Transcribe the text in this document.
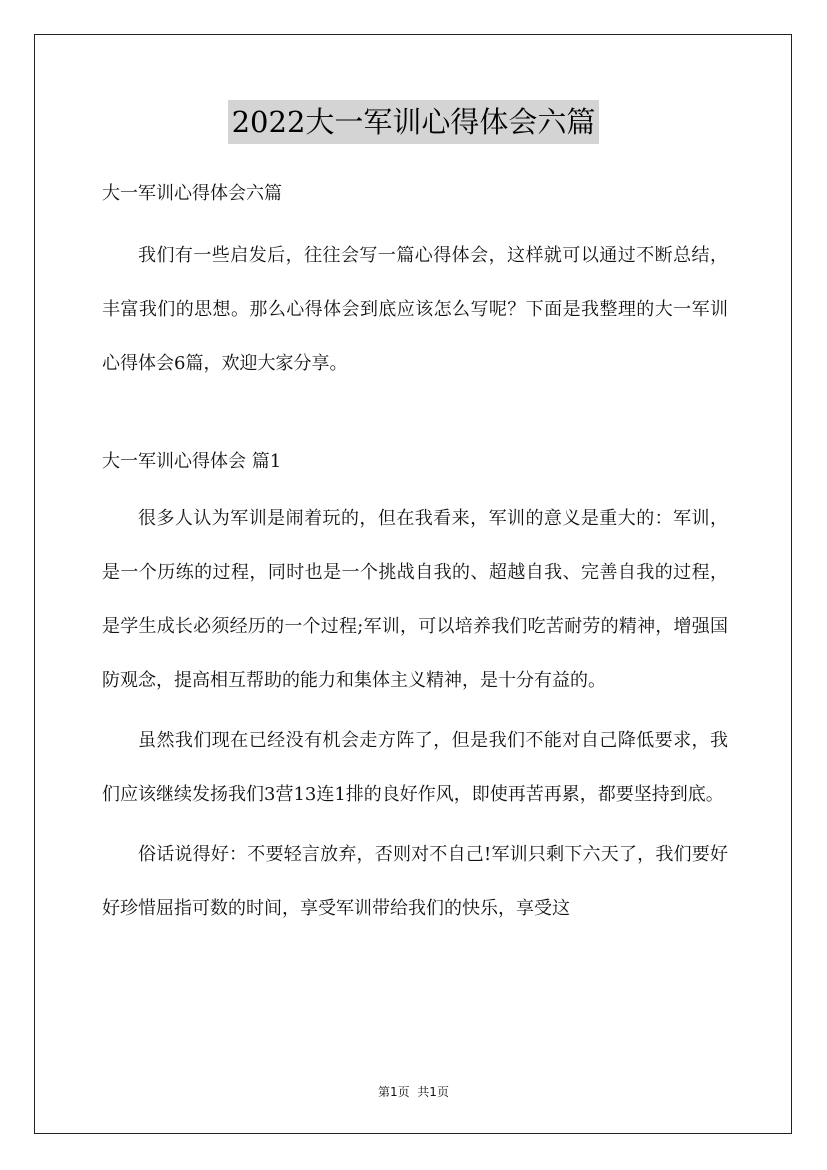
2022大一军训心得体会六篇

大一军训心得体会六篇

我们有一些启发后，往往会写一篇心得体会，这样就可以通过不断总结，丰富我们的思想。那么心得体会到底应该怎么写呢？下面是我整理的大一军训心得体会6篇，欢迎大家分享。

大一军训心得体会 篇1

很多人认为军训是闹着玩的，但在我看来，军训的意义是重大的：军训，是一个历练的过程，同时也是一个挑战自我的、超越自我、完善自我的过程，是学生成长必须经历的一个过程;军训，可以培养我们吃苦耐劳的精神，增强国防观念，提高相互帮助的能力和集体主义精神，是十分有益的。

虽然我们现在已经没有机会走方阵了，但是我们不能对自己降低要求，我们应该继续发扬我们3营13连1排的良好作风，即使再苦再累，都要坚持到底。

俗话说得好：不要轻言放弃，否则对不自己!军训只剩下六天了，我们要好好珍惜屈指可数的时间，享受军训带给我们的快乐，享受这

第1页  共1页
